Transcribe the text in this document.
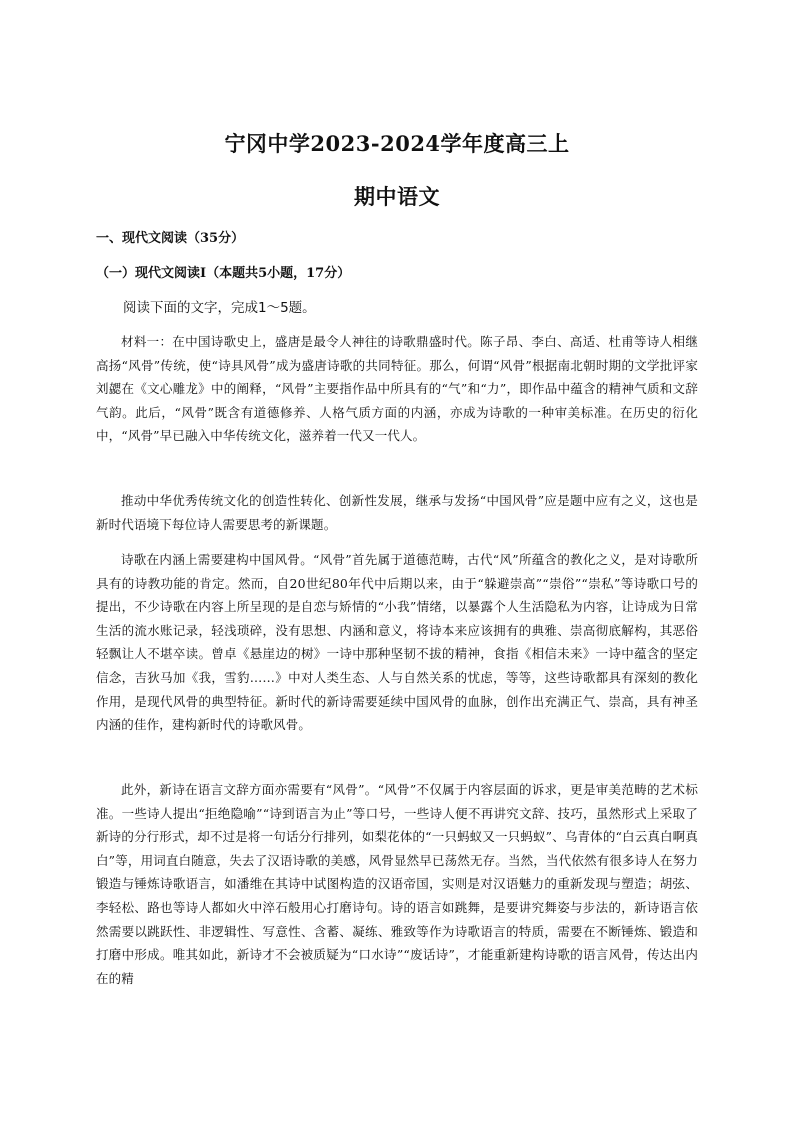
宁冈中学2023-2024学年度高三上
期中语文

一、现代文阅读（35分）

（一）现代文阅读Ⅰ（本题共5小题，17分）

阅读下面的文字，完成1～5题。

材料一：在中国诗歌史上，盛唐是最令人神往的诗歌鼎盛时代。陈子昂、李白、高适、杜甫等诗人相继高扬“风骨”传统，使“诗具风骨”成为盛唐诗歌的共同特征。那么，何谓“风骨”根据南北朝时期的文学批评家刘勰在《文心雕龙》中的阐释，“风骨”主要指作品中所具有的“气”和“力”，即作品中蕴含的精神气质和文辞气韵。此后，“风骨”既含有道德修养、人格气质方面的内涵，亦成为诗歌的一种审美标准。在历史的衍化中，“风骨”早已融入中华传统文化，滋养着一代又一代人。

推动中华优秀传统文化的创造性转化、创新性发展，继承与发扬“中国风骨”应是题中应有之义，这也是新时代语境下每位诗人需要思考的新课题。

诗歌在内涵上需要建构中国风骨。“风骨”首先属于道德范畴，古代“风”所蕴含的教化之义，是对诗歌所具有的诗教功能的肯定。然而，自20世纪80年代中后期以来，由于“躲避崇高”“崇俗”“崇私”等诗歌口号的提出，不少诗歌在内容上所呈现的是自恋与矫情的“小我”情绪，以暴露个人生活隐私为内容，让诗成为日常生活的流水账记录，轻浅琐碎，没有思想、内涵和意义，将诗本来应该拥有的典雅、崇高彻底解构，其恶俗轻飘让人不堪卒读。曾卓《悬崖边的树》一诗中那种坚韧不拔的精神，食指《相信未来》一诗中蕴含的坚定信念，吉狄马加《我，雪豹……》中对人类生态、人与自然关系的忧虑，等等，这些诗歌都具有深刻的教化作用，是现代风骨的典型特征。新时代的新诗需要延续中国风骨的血脉，创作出充满正气、崇高，具有神圣内涵的佳作，建构新时代的诗歌风骨。

此外，新诗在语言文辞方面亦需要有“风骨”。“风骨”不仅属于内容层面的诉求，更是审美范畴的艺术标准。一些诗人提出“拒绝隐喻”“诗到语言为止”等口号，一些诗人便不再讲究文辞、技巧，虽然形式上采取了新诗的分行形式，却不过是将一句话分行排列，如梨花体的“一只蚂蚁又一只蚂蚁”、乌青体的“白云真白啊真白”等，用词直白随意，失去了汉语诗歌的美感，风骨显然早已荡然无存。当然，当代依然有很多诗人在努力锻造与锤炼诗歌语言，如潘维在其诗中试图构造的汉语帝国，实则是对汉语魅力的重新发现与塑造；胡弦、李轻松、路也等诗人都如火中淬石般用心打磨诗句。诗的语言如跳舞，是要讲究舞姿与步法的，新诗语言依然需要以跳跃性、非逻辑性、写意性、含蓄、凝练、雅致等作为诗歌语言的特质，需要在不断锤炼、锻造和打磨中形成。唯其如此，新诗才不会被质疑为“口水诗”“废话诗”，才能重新建构诗歌的语言风骨，传达出内在的精
